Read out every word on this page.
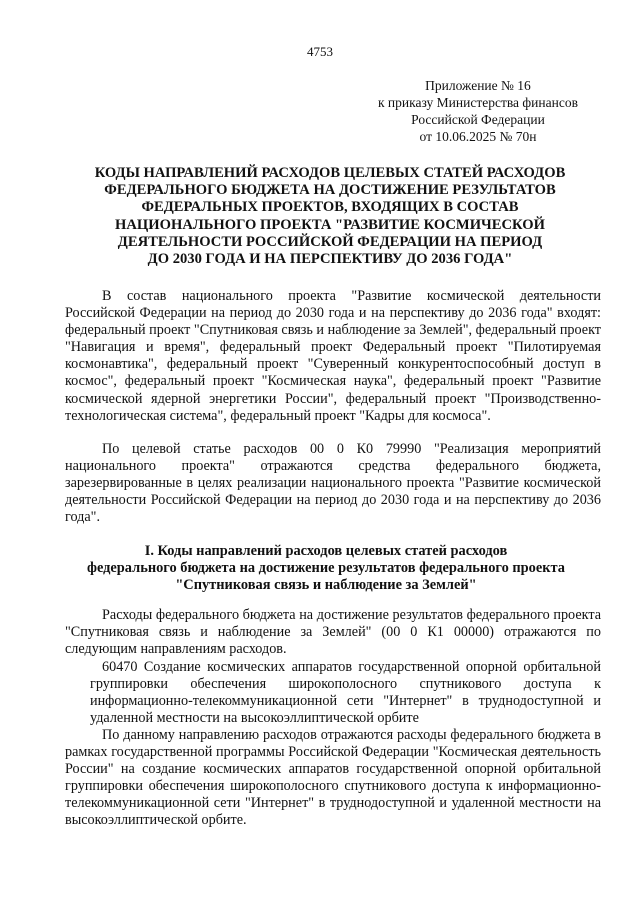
4753
Приложение № 16
к приказу Министерства финансов
Российской Федерации
от 10.06.2025 № 70н
КОДЫ НАПРАВЛЕНИЙ РАСХОДОВ ЦЕЛЕВЫХ СТАТЕЙ РАСХОДОВ
ФЕДЕРАЛЬНОГО БЮДЖЕТА НА ДОСТИЖЕНИЕ РЕЗУЛЬТАТОВ
ФЕДЕРАЛЬНЫХ ПРОЕКТОВ, ВХОДЯЩИХ В СОСТАВ
НАЦИОНАЛЬНОГО ПРОЕКТА "РАЗВИТИЕ КОСМИЧЕСКОЙ
ДЕЯТЕЛЬНОСТИ РОССИЙСКОЙ ФЕДЕРАЦИИ НА ПЕРИОД
ДО 2030 ГОДА И НА ПЕРСПЕКТИВУ ДО 2036 ГОДА"

В состав национального проекта "Развитие космической деятельности Российской Федерации на период до 2030 года и на перспективу до 2036 года" входят: федеральный проект "Спутниковая связь и наблюдение за Землей", федеральный проект "Навигация и время", федеральный проект Федеральный проект "Пилотируемая космонавтика", федеральный проект "Суверенный конкурентоспособный доступ в космос", федеральный проект "Космическая наука", федеральный проект "Развитие космической ядерной энергетики России", федеральный проект "Производственно-технологическая система", федеральный проект "Кадры для космоса".

По целевой статье расходов 00 0 К0 79990 "Реализация мероприятий национального проекта" отражаются средства федерального бюджета, зарезервированные в целях реализации национального проекта "Развитие космической деятельности Российской Федерации на период до 2030 года и на перспективу до 2036 года".

I. Коды направлений расходов целевых статей расходов
федерального бюджета на достижение результатов федерального проекта
"Спутниковая связь и наблюдение за Землей"

Расходы федерального бюджета на достижение результатов федерального проекта "Спутниковая связь и наблюдение за Землей" (00 0 К1 00000) отражаются по следующим направлениям расходов.

60470 Создание космических аппаратов государственной опорной орбитальной группировки обеспечения широкополосного спутникового доступа к информационно-телекоммуникационной сети "Интернет" в труднодоступной и удаленной местности на высокоэллиптической орбите

По данному направлению расходов отражаются расходы федерального бюджета в рамках государственной программы Российской Федерации "Космическая деятельность России" на создание космических аппаратов государственной опорной орбитальной группировки обеспечения широкополосного спутникового доступа к информационно-телекоммуникационной сети "Интернет" в труднодоступной и удаленной местности на высокоэллиптической орбите.
